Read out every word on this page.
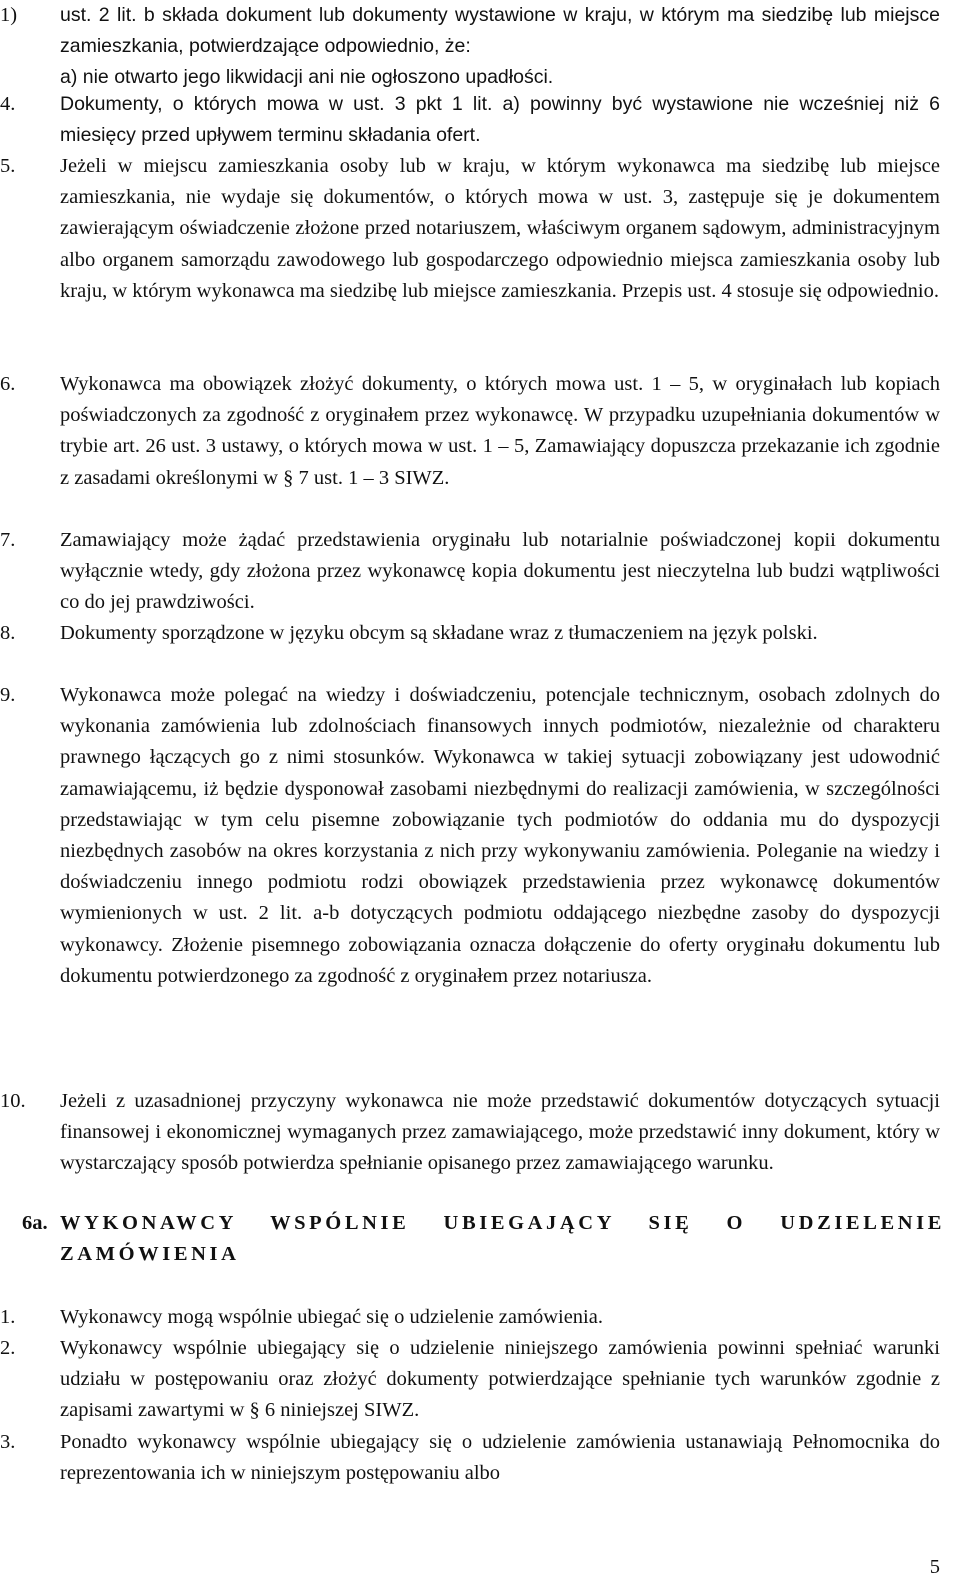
1) ust. 2 lit. b składa dokument lub dokumenty wystawione w kraju, w którym ma siedzibę lub miejsce zamieszkania, potwierdzające odpowiednio, że:
a) nie otwarto jego likwidacji ani nie ogłoszono upadłości.
4. Dokumenty, o których mowa w ust. 3 pkt 1 lit. a) powinny być wystawione nie wcześniej niż 6 miesięcy przed upływem terminu składania ofert.
5. Jeżeli w miejscu zamieszkania osoby lub w kraju, w którym wykonawca ma siedzibę lub miejsce zamieszkania, nie wydaje się dokumentów, o których mowa w ust. 3, zastępuje się je dokumentem zawierającym oświadczenie złożone przed notariuszem, właściwym organem sądowym, administracyjnym albo organem samorządu zawodowego lub gospodarczego odpowiednio miejsca zamieszkania osoby lub kraju, w którym wykonawca ma siedzibę lub miejsce zamieszkania. Przepis ust. 4 stosuje się odpowiednio.
6. Wykonawca ma obowiązek złożyć dokumenty, o których mowa ust. 1 – 5, w oryginałach lub kopiach poświadczonych za zgodność z oryginałem przez wykonawcę. W przypadku uzupełniania dokumentów w trybie art. 26 ust. 3 ustawy, o których mowa w ust. 1 – 5, Zamawiający dopuszcza przekazanie ich zgodnie z zasadami określonymi w § 7 ust. 1 – 3 SIWZ.
7. Zamawiający może żądać przedstawienia oryginału lub notarialnie poświadczonej kopii dokumentu wyłącznie wtedy, gdy złożona przez wykonawcę kopia dokumentu jest nieczytelna lub budzi wątpliwości co do jej prawdziwości.
8. Dokumenty sporządzone w języku obcym są składane wraz z tłumaczeniem na język polski.
9. Wykonawca może polegać na wiedzy i doświadczeniu, potencjale technicznym, osobach zdolnych do wykonania zamówienia lub zdolnościach finansowych innych podmiotów, niezależnie od charakteru prawnego łączących go z nimi stosunków. Wykonawca w takiej sytuacji zobowiązany jest udowodnić zamawiającemu, iż będzie dysponował zasobami niezbędnymi do realizacji zamówienia, w szczególności przedstawiając w tym celu pisemne zobowiązanie tych podmiotów do oddania mu do dyspozycji niezbędnych zasobów na okres korzystania z nich przy wykonywaniu zamówienia. Poleganie na wiedzy i doświadczeniu innego podmiotu rodzi obowiązek przedstawienia przez wykonawcę dokumentów wymienionych w ust. 2 lit. a-b dotyczących podmiotu oddającego niezbędne zasoby do dyspozycji wykonawcy. Złożenie pisemnego zobowiązania oznacza dołączenie do oferty oryginału dokumentu lub dokumentu potwierdzonego za zgodność z oryginałem przez notariusza.
10. Jeżeli z uzasadnionej przyczyny wykonawca nie może przedstawić dokumentów dotyczących sytuacji finansowej i ekonomicznej wymaganych przez zamawiającego, może przedstawić inny dokument, który w wystarczający sposób potwierdza spełnianie opisanego przez zamawiającego warunku.
6a. WYKONAWCY WSPÓLNIE UBIEGAJĄCY SIĘ O UDZIELENIE ZAMÓWIENIA
1. Wykonawcy mogą wspólnie ubiegać się o udzielenie zamówienia.
2. Wykonawcy wspólnie ubiegający się o udzielenie niniejszego zamówienia powinni spełniać warunki udziału w postępowaniu oraz złożyć dokumenty potwierdzające spełnianie tych warunków zgodnie z zapisami zawartymi w § 6 niniejszej SIWZ.
3. Ponadto wykonawcy wspólnie ubiegający się o udzielenie zamówienia ustanawiają Pełnomocnika do reprezentowania ich w niniejszym postępowaniu albo
5
